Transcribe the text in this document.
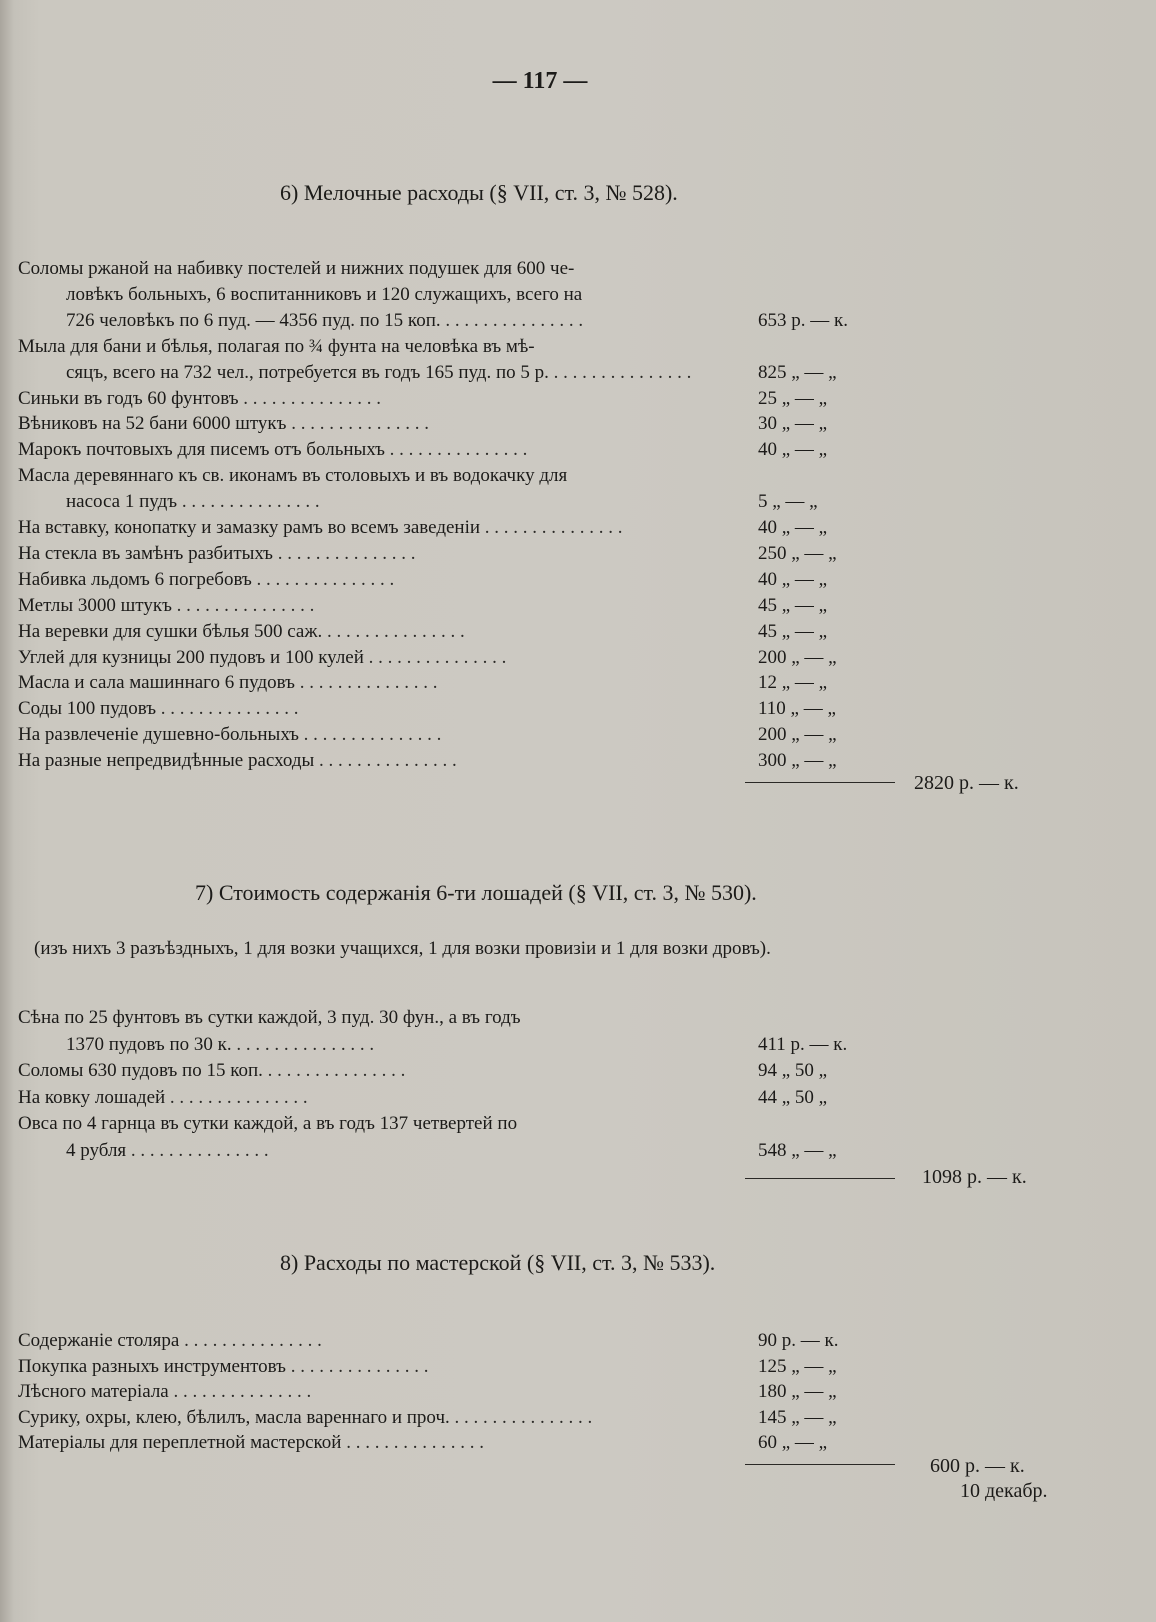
— 117 —
6) Мелочные расходы (§ VII, ст. 3, № 528).
Соломы ржаной на набивку постелей и нижних подушек для 600 че-
ловѣкъ больныхъ, 6 воспитанниковъ и 120 служащихъ, всего на
726 человѣкъ по 6 пуд. — 4356 пуд. по 15 коп. . . . . . . . . . . . . . . .	653 р. — к.
Мыла для бани и бѣлья, полагая по ¾ фунта на человѣка въ мѣ-
сяцъ, всего на 732 чел., потребуется въ годъ 165 пуд. по 5 р. . . . . . . . . . . . . . . .	825 „ — „
Синьки въ годъ 60 фунтовъ . . . . . . . . . . . . . . .	25 „ — „
Вѣниковъ на 52 бани 6000 штукъ . . . . . . . . . . . . . . .	30 „ — „
Марокъ почтовыхъ для писемъ отъ больныхъ . . . . . . . . . . . . . . .	40 „ — „
Масла деревяннаго къ св. иконамъ въ столовыхъ и въ водокачку для
насоса 1 пудъ . . . . . . . . . . . . . . .	5 „ — „
На вставку, конопатку и замазку рамъ во всемъ заведеніи . . . . . . . . . . . . . . .	40 „ — „
На стекла въ замѣнъ разбитыхъ . . . . . . . . . . . . . . .	250 „ — „
Набивка льдомъ 6 погребовъ . . . . . . . . . . . . . . .	40 „ — „
Метлы 3000 штукъ . . . . . . . . . . . . . . .	45 „ — „
На веревки для сушки бѣлья 500 саж. . . . . . . . . . . . . . . .	45 „ — „
Углей для кузницы 200 пудовъ и 100 кулей . . . . . . . . . . . . . . .	200 „ — „
Масла и сала машиннаго 6 пудовъ . . . . . . . . . . . . . . .	12 „ — „
Соды 100 пудовъ . . . . . . . . . . . . . . .	110 „ — „
На развлеченіе душевно-больныхъ . . . . . . . . . . . . . . .	200 „ — „
На разные непредвидѣнные расходы . . . . . . . . . . . . . . .	300 „ — „
2820 р. — к.
7) Стоимость содержанія 6-ти лошадей (§ VII, ст. 3, № 530).
(изъ нихъ 3 разъѣздныхъ, 1 для возки учащихся, 1 для возки провизіи и 1 для возки дровъ).
Сѣна по 25 фунтовъ въ сутки каждой, 3 пуд. 30 фун., а въ годъ
1370 пудовъ по 30 к. . . . . . . . . . . . . . . .	411 р. — к.
Соломы 630 пудовъ по 15 коп. . . . . . . . . . . . . . . .	94 „ 50 „
На ковку лошадей . . . . . . . . . . . . . . .	44 „ 50 „
Овса по 4 гарнца въ сутки каждой, а въ годъ 137 четвертей по
4 рубля . . . . . . . . . . . . . . .	548 „ — „
1098 р. — к.
8) Расходы по мастерской (§ VII, ст. 3, № 533).
Содержаніе столяра . . . . . . . . . . . . . . .	90 р. — к.
Покупка разныхъ инструментовъ . . . . . . . . . . . . . . .	125 „ — „
Лѣсного матеріала . . . . . . . . . . . . . . .	180 „ — „
Сурику, охры, клею, бѣлилъ, масла вареннаго и проч. . . . . . . . . . . . . . . .	145 „ — „
Матеріалы для переплетной мастерской . . . . . . . . . . . . . . .	60 „ — „
600 р. — к.
10 декабр.
